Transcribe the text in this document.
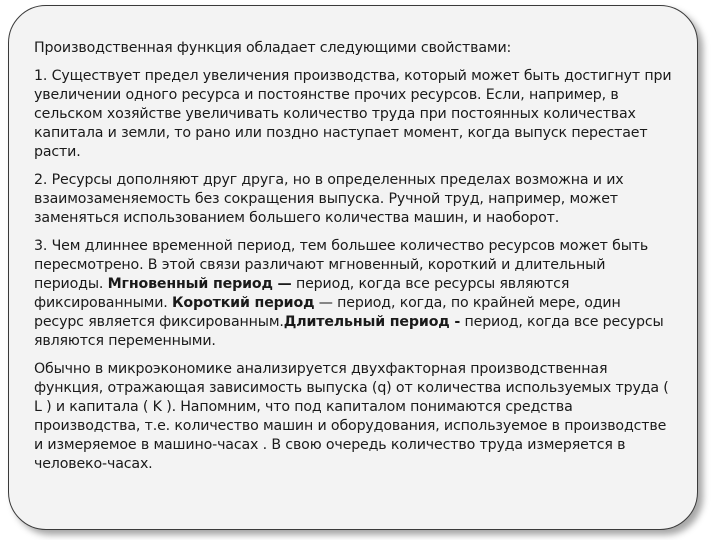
Производственная функция обладает следующими свойствами:

1. Существует предел увеличения производства, который может быть достигнут при увеличении одного ресурса и постоянстве прочих ресурсов. Если, например, в сельском хозяйстве увеличивать количество труда при постоянных количествах капитала и земли, то рано или поздно наступает момент, когда выпуск перестает расти.

2. Ресурсы дополняют друг друга, но в определенных пределах возможна и их взаимозаменяемость без сокращения выпуска. Ручной труд, например, может заменяться использованием большего количества машин, и наоборот.

3. Чем длиннее временной период, тем большее количество ресурсов может быть пересмотрено. В этой связи различают мгновенный, короткий и длительный периоды. Мгновенный период — период, когда все ресурсы являются фиксированными. Короткий период — период, когда, по крайней мере, один ресурс является фиксированным.Длительный период - период, когда все ресурсы являются переменными.

Обычно в микроэкономике анализируется двухфакторная производственная функция, отражающая зависимость выпуска (q) от количества используемых труда ( L ) и капитала ( K ). Напомним, что под капиталом понимаются средства производства, т.е. количество машин и оборудования, используемое в производстве и измеряемое в машино-часах . В свою очередь количество труда измеряется в человеко-часах.
